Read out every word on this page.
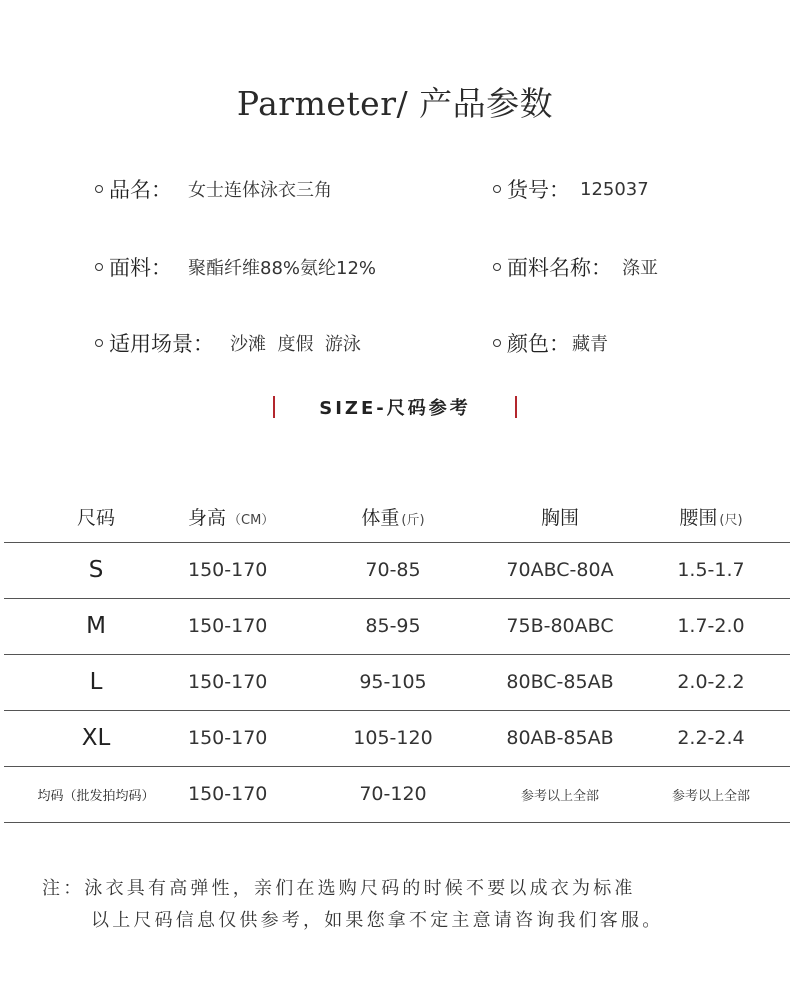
Parmeter/ 产品参数
品名： 女士连体泳衣三角	货号： 125037
面料： 聚酯纤维88%氨纶12%	面料名称： 涤亚
适用场景： 沙滩  度假  游泳	颜色： 藏青
SIZE-尺码参考
尺码	身高 （CM）	体重 (斤)	胸围	腰围 (尺)
S	150-170	70-85	70ABC-80A	1.5-1.7
M	150-170	85-95	75B-80ABC	1.7-2.0
L	150-170	95-105	80BC-85AB	2.0-2.2
XL	150-170	105-120	80AB-85AB	2.2-2.4
均码（批发拍均码）	150-170	70-120	参考以上全部	参考以上全部
注：泳衣具有高弹性，亲们在选购尺码的时候不要以成衣为标准
以上尺码信息仅供参考，如果您拿不定主意请咨询我们客服。
